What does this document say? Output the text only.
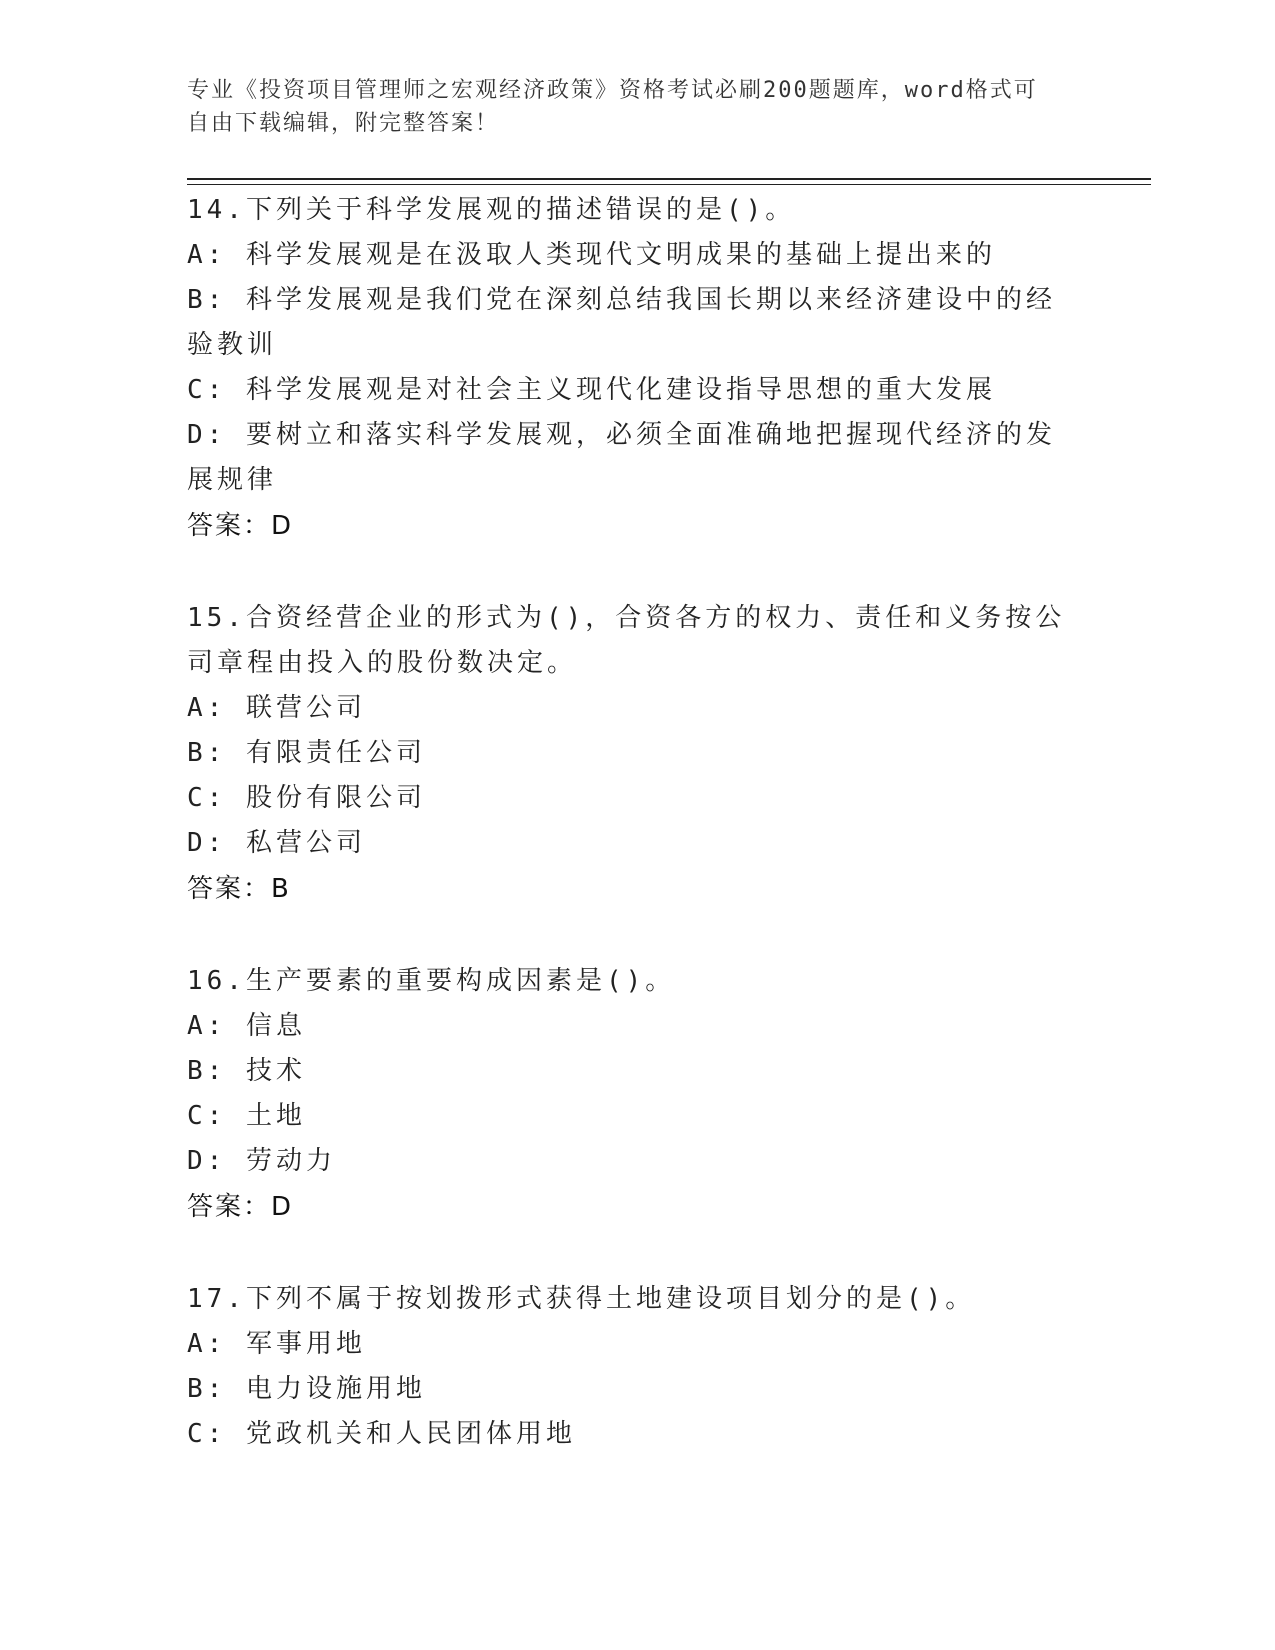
专业《投资项目管理师之宏观经济政策》资格考试必刷200题题库，word格式可
自由下载编辑，附完整答案！
14.下列关于科学发展观的描述错误的是()。
A: 科学发展观是在汲取人类现代文明成果的基础上提出来的
B: 科学发展观是我们党在深刻总结我国长期以来经济建设中的经验教训
C: 科学发展观是对社会主义现代化建设指导思想的重大发展
D: 要树立和落实科学发展观，必须全面准确地把握现代经济的发展规律
答案：D
15.合资经营企业的形式为()，合资各方的权力、责任和义务按公司章程由投入的股份数决定。
A: 联营公司
B: 有限责任公司
C: 股份有限公司
D: 私营公司
答案：B
16.生产要素的重要构成因素是()。
A: 信息
B: 技术
C: 土地
D: 劳动力
答案：D
17.下列不属于按划拨形式获得土地建设项目划分的是()。
A: 军事用地
B: 电力设施用地
C: 党政机关和人民团体用地
